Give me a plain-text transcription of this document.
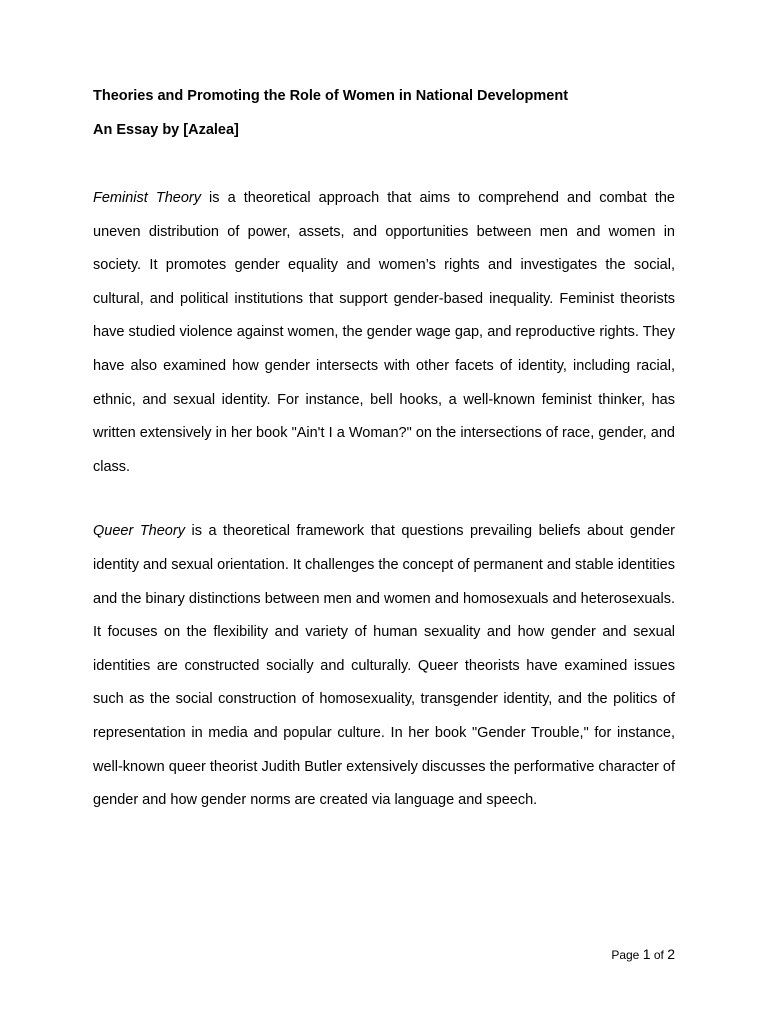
Theories and Promoting the Role of Women in National Development

An Essay by [Azalea]

Feminist Theory is a theoretical approach that aims to comprehend and combat the uneven distribution of power, assets, and opportunities between men and women in society. It promotes gender equality and women’s rights and investigates the social, cultural, and political institutions that support gender-based inequality. Feminist theorists have studied violence against women, the gender wage gap, and reproductive rights. They have also examined how gender intersects with other facets of identity, including racial, ethnic, and sexual identity. For instance, bell hooks, a well-known feminist thinker, has written extensively in her book "Ain't I a Woman?" on the intersections of race, gender, and class.

Queer Theory is a theoretical framework that questions prevailing beliefs about gender identity and sexual orientation. It challenges the concept of permanent and stable identities and the binary distinctions between men and women and homosexuals and heterosexuals. It focuses on the flexibility and variety of human sexuality and how gender and sexual identities are constructed socially and culturally. Queer theorists have examined issues such as the social construction of homosexuality, transgender identity, and the politics of representation in media and popular culture. In her book "Gender Trouble," for instance, well-known queer theorist Judith Butler extensively discusses the performative character of gender and how gender norms are created via language and speech.

Page 1 of 2
